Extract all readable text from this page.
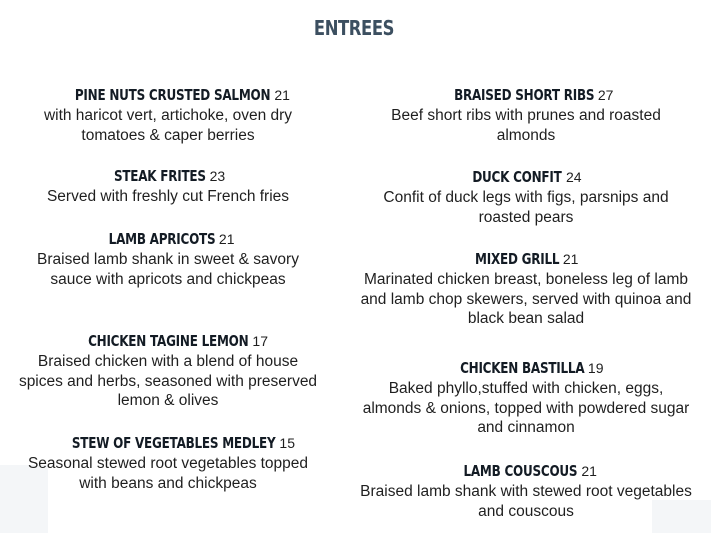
ENTREES
PINE NUTS CRUSTED SALMON 21

with haricot vert, artichoke, oven dry tomatoes & caper berries

STEAK FRITES 23

Served with freshly cut French fries

LAMB APRICOTS 21

Braised lamb shank in sweet & savory sauce with apricots and chickpeas

CHICKEN TAGINE LEMON 17

Braised chicken with a blend of house spices and herbs, seasoned with preserved lemon & olives

STEW OF VEGETABLES MEDLEY 15

Seasonal stewed root vegetables topped with beans and chickpeas

BRAISED SHORT RIBS 27

Beef short ribs with prunes and roasted almonds

DUCK CONFIT 24

Confit of duck legs with figs, parsnips and roasted pears

MIXED GRILL 21

Marinated chicken breast, boneless leg of lamb and lamb chop skewers, served with quinoa and black bean salad

CHICKEN BASTILLA 19

Baked phyllo,stuffed with chicken, eggs, almonds & onions, topped with powdered sugar and cinnamon

LAMB COUSCOUS 21

Braised lamb shank with stewed root vegetables and couscous
